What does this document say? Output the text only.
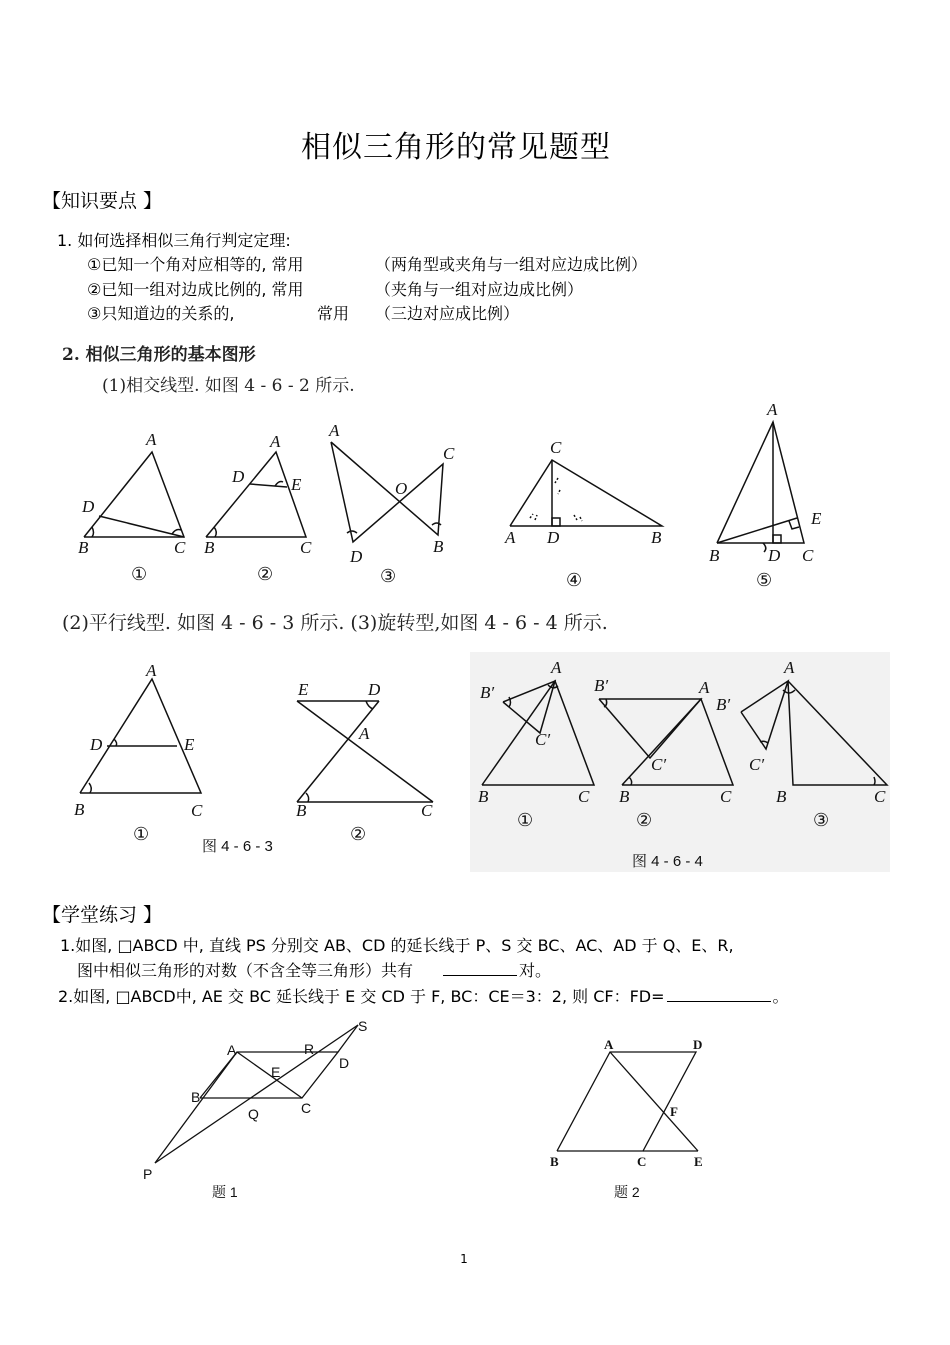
相似三角形的常见题型
【知识要点 】
1. 如何选择相似三角行判定定理:
①已知一个角对应相等的, 常用	（两角型或夹角与一组对应边成比例）
②已知一组对边成比例的, 常用	（夹角与一组对应边成比例）
③只知道边的关系的,	常用 （三边对应成比例）
2. 相似三角形的基本图形
(1)相交线型. 如图 4 - 6 - 2 所示.
(2)平行线型. 如图 4 - 6 - 3 所示. (3)旋转型,如图 4 - 6 - 4 所示.
【学堂练习 】
1.如图, □ABCD 中, 直线 PS 分别交 AB、CD 的延长线于 P、S 交 BC、AC、AD 于 Q、E、R,
图中相似三角形的对数（不含全等三角形）共有	对。
2.如图, □ABCD中, AE 交 BC 延长线于 E 交 CD 于 F, BC：CE＝3：2, 则 CF：FD=	。
1
A
D
B	C
A
D	E
B	C
A
C
O
D
B
C
A D	B
A
E
B	D C
①	②	③	④	⑤
A
D	E
B	C
E	D
A
B	C
①	②
图 4 - 6 - 3
A
B′
C′
B	C
B′	A
C′
B	C
A
B′
C′
B	C
①	②	③
图 4 - 6 - 4
A	R
D
S
E
B
C
Q
P
题 1
A	D
F
B	C	E
题 2
